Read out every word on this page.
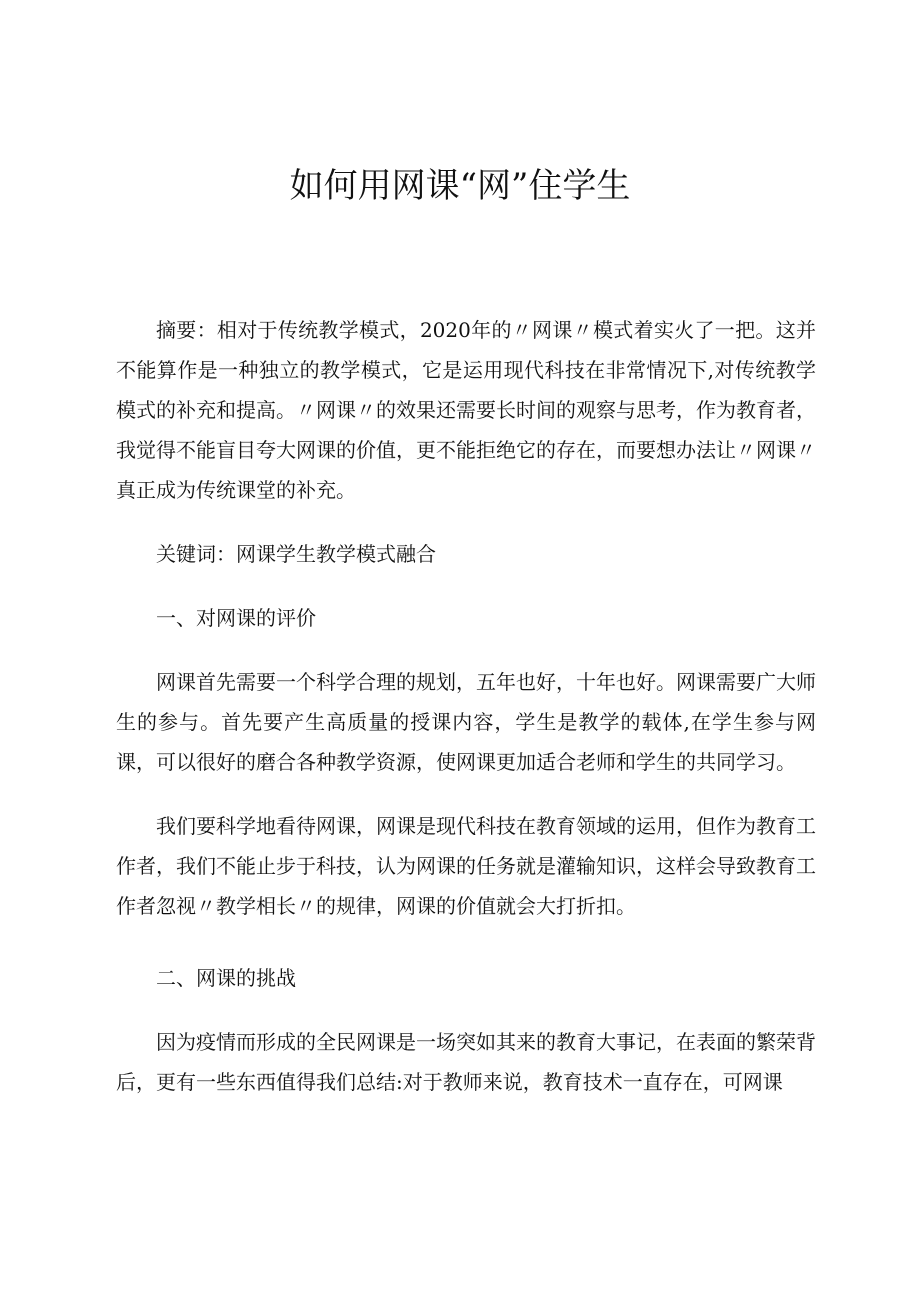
如何用网课“网”住学生

摘要：相对于传统教学模式，2020年的〃网课〃模式着实火了一把。这并不能算作是一种独立的教学模式，它是运用现代科技在非常情况下,对传统教学模式的补充和提高。〃网课〃的效果还需要长时间的观察与思考，作为教育者，我觉得不能盲目夸大网课的价值，更不能拒绝它的存在，而要想办法让〃网课〃真正成为传统课堂的补充。

关键词：网课学生教学模式融合

一、对网课的评价

网课首先需要一个科学合理的规划，五年也好，十年也好。网课需要广大师生的参与。首先要产生高质量的授课内容，学生是教学的载体,在学生参与网课，可以很好的磨合各种教学资源，使网课更加适合老师和学生的共同学习。

我们要科学地看待网课，网课是现代科技在教育领域的运用，但作为教育工作者，我们不能止步于科技，认为网课的任务就是灌输知识，这样会导致教育工作者忽视〃教学相长〃的规律，网课的价值就会大打折扣。

二、网课的挑战

因为疫情而形成的全民网课是一场突如其来的教育大事记，在表面的繁荣背后，更有一些东西值得我们总结:对于教师来说，教育技术一直存在，可网课
